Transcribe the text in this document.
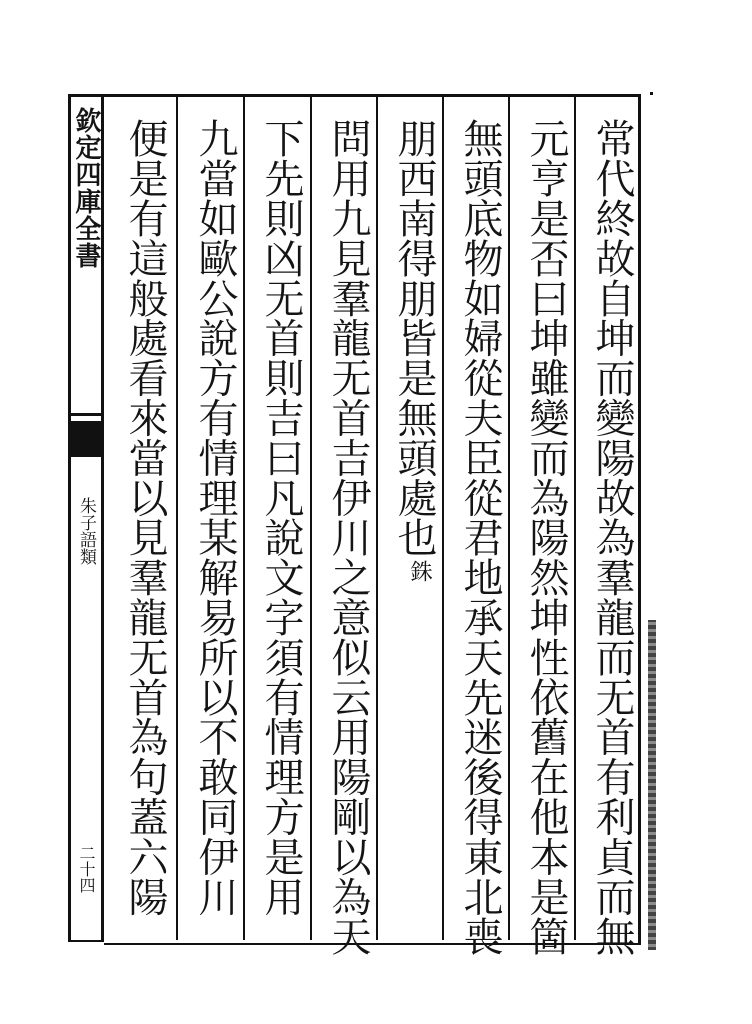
欽定四庫全書
朱子語類
二十四	常代終故自坤而變陽故為羣龍而无首有利貞而無
元亨是否曰坤雖變而為陽然坤性依舊在他本是箇
無頭底物如婦從夫臣從君地承天先迷後得東北喪
朋西南得朋皆是無頭處也
銖
問用九見羣龍无首吉伊川之意似云用陽剛以為天
下先則凶无首則吉曰凡說文字須有情理方是用
九當如歐公說方有情理某解易所以不敢同伊川
便是有這般處看來當以見羣龍无首為句蓋六陽
